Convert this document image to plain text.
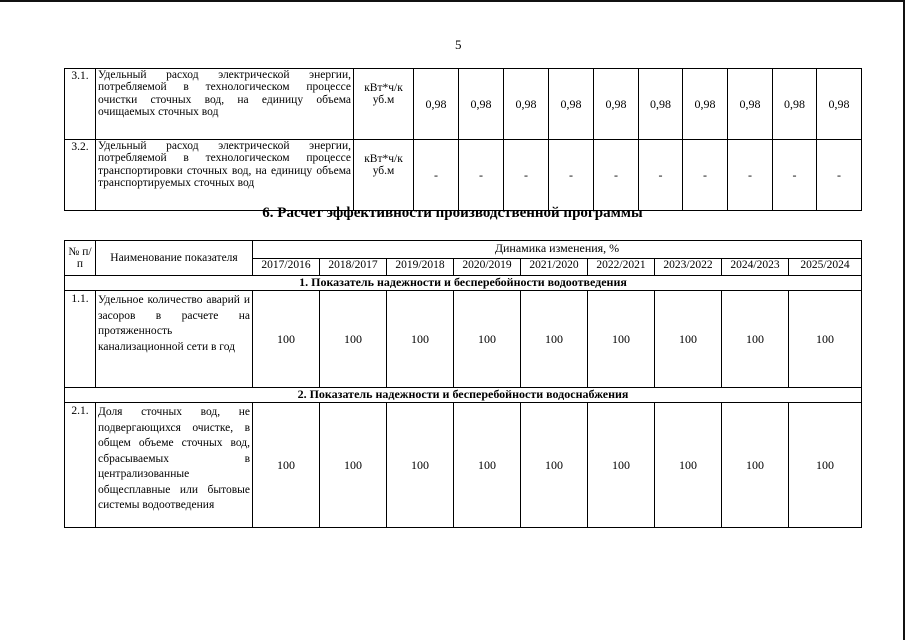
5
3.1.	Удельный расход электрической энергии, потребляемой в технологическом процессе очистки сточных вод, на единицу объема очищаемых сточных вод	кВт*ч/к уб.м	0,98	0,98	0,98	0,98	0,98	0,98	0,98	0,98	0,98	0,98
3.2.	Удельный расход электрической энергии, потребляемой в технологическом процессе транспортировки сточных вод, на единицу объема транспортируемых сточных вод	кВт*ч/к уб.м	-	-	-	-	-	-	-	-	-	-
6. Расчет эффективности производственной программы
№ п/п	Наименование показателя	Динамика изменения, %								
		2017/2016	2018/2017	2019/2018	2020/2019	2021/2020	2022/2021	2023/2022	2024/2023	2025/2024
1. Показатель надежности и бесперебойности водоотведения										
1.1.	Удельное количество аварий и засоров в расчете на протяженность канализационной сети в год	100	100	100	100	100	100	100	100	100
2. Показатель надежности и бесперебойности водоснабжения										
2.1.	Доля сточных вод, не подвергающихся очистке, в общем объеме сточных вод, сбрасываемых в централизованные общесплавные или бытовые системы водоотведения	100	100	100	100	100	100	100	100	100
